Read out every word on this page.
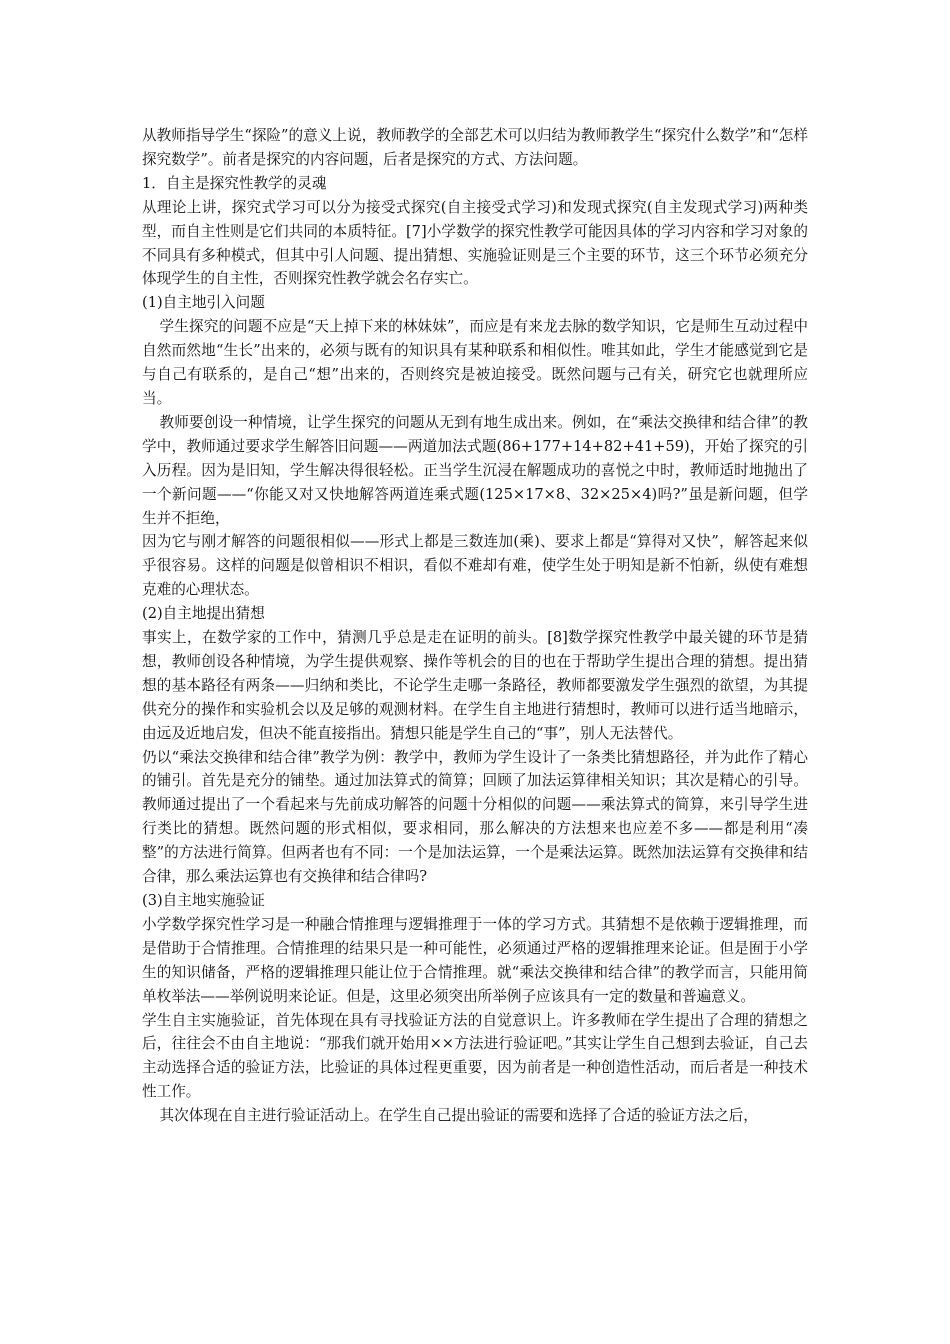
从教师指导学生“探险”的意义上说，教师教学的全部艺术可以归结为教师教学生“探究什么数学”和“怎样探究数学”。前者是探究的内容问题，后者是探究的方式、方法问题。

1．自主是探究性教学的灵魂

从理论上讲，探究式学习可以分为接受式探究(自主接受式学习)和发现式探究(自主发现式学习)两种类型，而自主性则是它们共同的本质特征。[7]小学数学的探究性教学可能因具体的学习内容和学习对象的不同具有多种模式，但其中引人问题、提出猜想、实施验证则是三个主要的环节，这三个环节必须充分体现学生的自主性，否则探究性教学就会名存实亡。

(1)自主地引入问题

学生探究的问题不应是“天上掉下来的林妹妹”，而应是有来龙去脉的数学知识，它是师生互动过程中自然而然地“生长”出来的，必须与既有的知识具有某种联系和相似性。唯其如此，学生才能感觉到它是与自己有联系的，是自己“想”出来的，否则终究是被迫接受。既然问题与己有关，研究它也就理所应当。

教师要创设一种情境，让学生探究的问题从无到有地生成出来。例如，在“乘法交换律和结合律”的教学中，教师通过要求学生解答旧问题——两道加法式题(86+177+14+82+41+59)，开始了探究的引入历程。因为是旧知，学生解决得很轻松。正当学生沉浸在解题成功的喜悦之中时，教师适时地抛出了一个新问题——“你能又对又快地解答两道连乘式题(125×17×8、32×25×4)吗?”虽是新问题，但学生并不拒绝，

因为它与刚才解答的问题很相似——形式上都是三数连加(乘)、要求上都是“算得对又快”，解答起来似乎很容易。这样的问题是似曾相识不相识，看似不难却有难，使学生处于明知是新不怕新，纵使有难想克难的心理状态。

(2)自主地提出猜想

事实上，在数学家的工作中，猜测几乎总是走在证明的前头。[8]数学探究性教学中最关键的环节是猜想，教师创设各种情境，为学生提供观察、操作等机会的目的也在于帮助学生提出合理的猜想。提出猜想的基本路径有两条——归纳和类比，不论学生走哪一条路径，教师都要激发学生强烈的欲望，为其提供充分的操作和实验机会以及足够的观测材料。在学生自主地进行猜想时，教师可以进行适当地暗示，由远及近地启发，但决不能直接指出。猜想只能是学生自己的“事”，别人无法替代。

仍以“乘法交换律和结合律”教学为例：教学中，教师为学生设计了一条类比猜想路径，并为此作了精心的铺引。首先是充分的铺垫。通过加法算式的简算；回顾了加法运算律相关知识；其次是精心的引导。教师通过提出了一个看起来与先前成功解答的问题十分相似的问题——乘法算式的简算，来引导学生进行类比的猜想。既然问题的形式相似，要求相同，那么解决的方法想来也应差不多——都是利用“凑整”的方法进行简算。但两者也有不同：一个是加法运算，一个是乘法运算。既然加法运算有交换律和结合律，那么乘法运算也有交换律和结合律吗?

(3)自主地实施验证

小学数学探究性学习是一种融合情推理与逻辑推理于一体的学习方式。其猜想不是依赖于逻辑推理，而是借助于合情推理。合情推理的结果只是一种可能性，必须通过严格的逻辑推理来论证。但是囿于小学生的知识储备，严格的逻辑推理只能让位于合情推理。就“乘法交换律和结合律”的教学而言，只能用简单枚举法——举例说明来论证。但是，这里必须突出所举例子应该具有一定的数量和普遍意义。

学生自主实施验证，首先体现在具有寻找验证方法的自觉意识上。许多教师在学生提出了合理的猜想之后，往往会不由自主地说：“那我们就开始用××方法进行验证吧。”其实让学生自己想到去验证，自己去主动选择合适的验证方法，比验证的具体过程更重要，因为前者是一种创造性活动，而后者是一种技术性工作。

其次体现在自主进行验证活动上。在学生自己提出验证的需要和选择了合适的验证方法之后，
